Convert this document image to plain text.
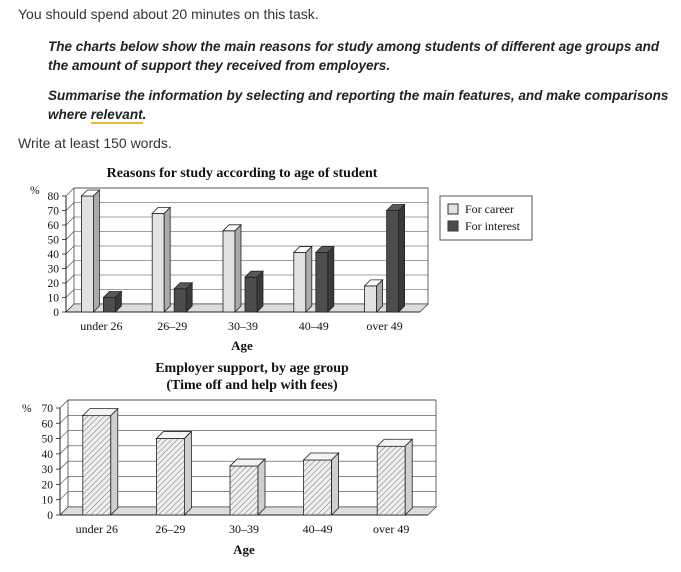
You should spend about 20 minutes on this task.

The charts below show the main reasons for study among students of different age groups and the amount of support they received from employers.

Summarise the information by selecting and reporting the main features, and make comparisons where relevant.

Write at least 150 words.

Reasons for study according to age of student
%
0
10
20
30
40
50
60
70
80
under 26	26–29	30–39	40–49	over 49
Age
For career
For interest
Employer support, by age group
(Time off and help with fees)
%
0
10
20
30
40
50
60
70
under 26	26–29	30–39	40–49	over 49
Age
